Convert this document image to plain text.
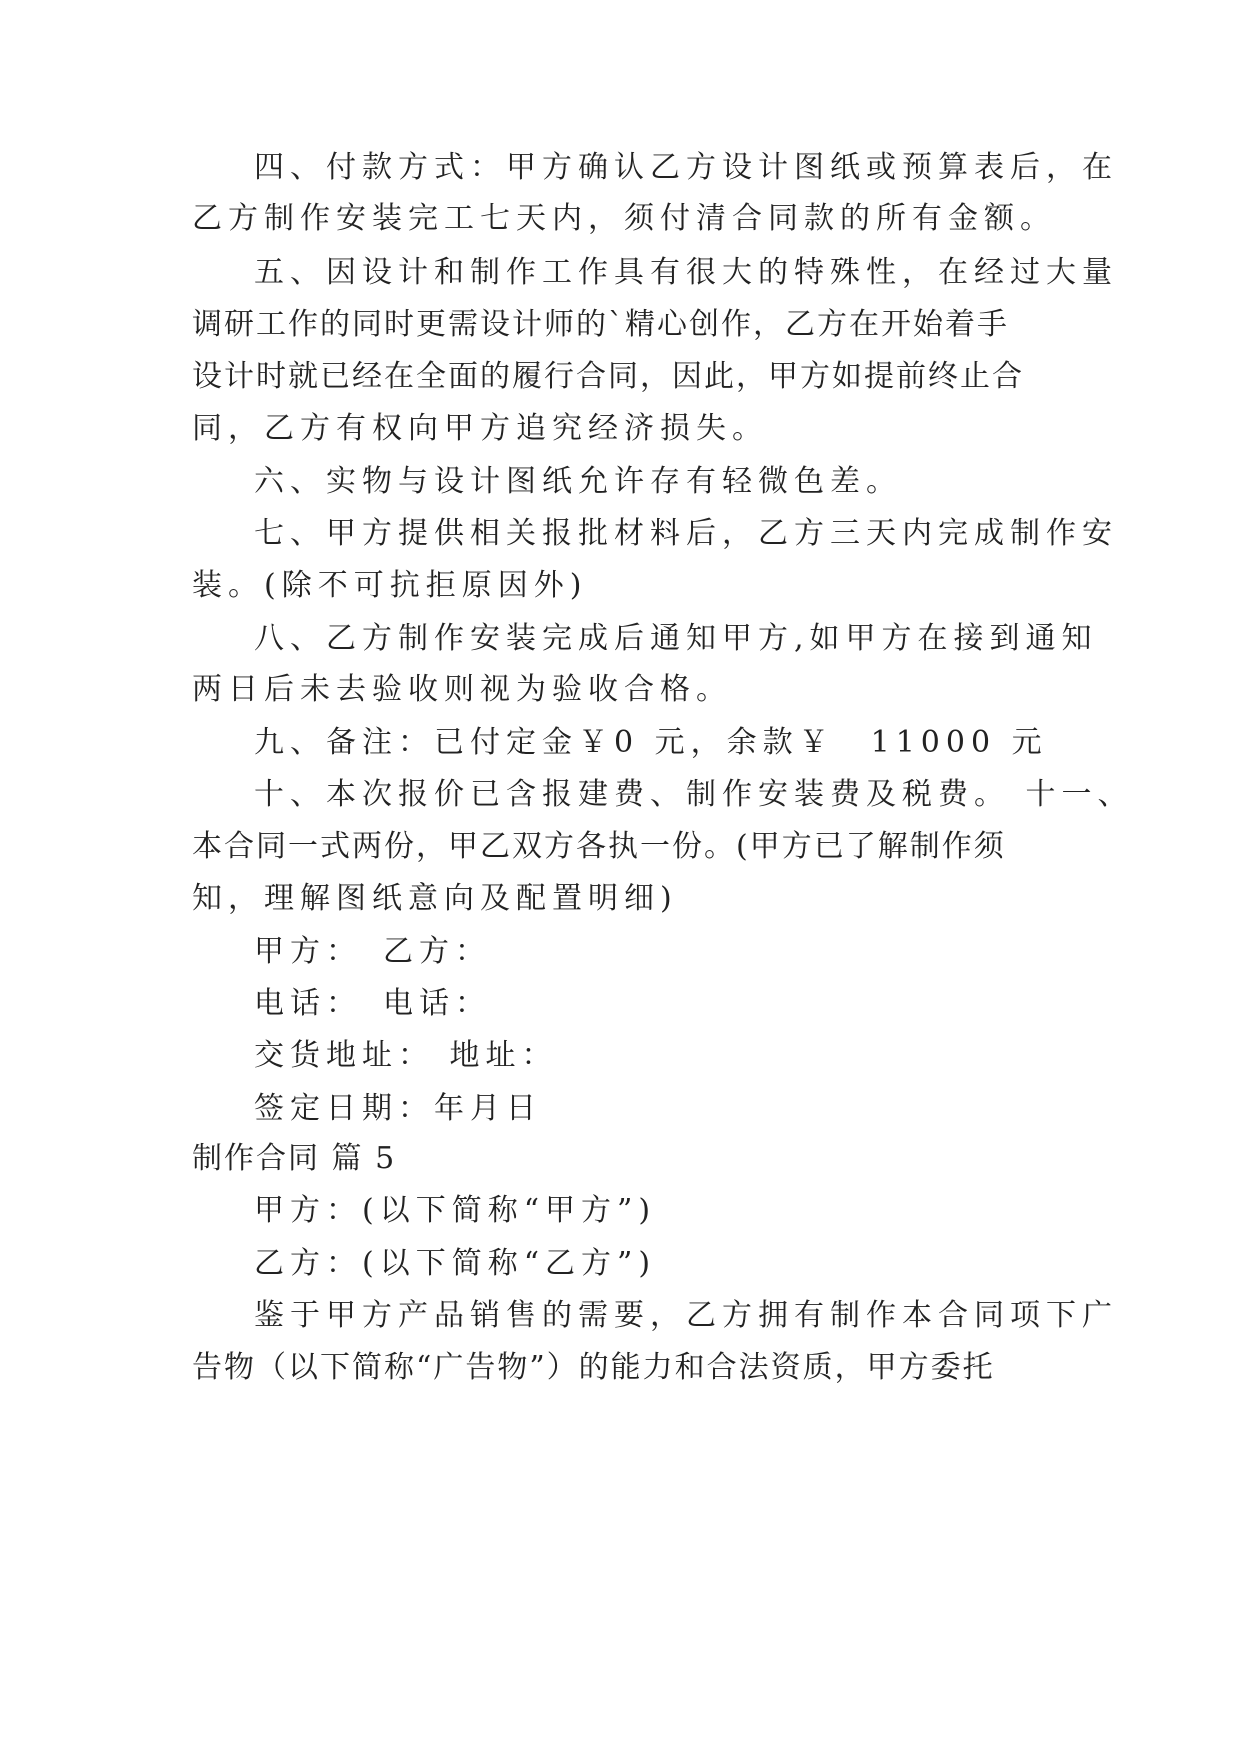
四、付款方式：甲方确认乙方设计图纸或预算表后，在
乙方制作安装完工七天内，须付清合同款的所有金额。
五、因设计和制作工作具有很大的特殊性，在经过大量
调研工作的同时更需设计师的`精心创作，乙方在开始着手
设计时就已经在全面的履行合同，因此，甲方如提前终止合
同，乙方有权向甲方追究经济损失。
六、实物与设计图纸允许存有轻微色差。
七、甲方提供相关报批材料后，乙方三天内完成制作安
装。(除不可抗拒原因外)
八、乙方制作安装完成后通知甲方,如甲方在接到通知
两日后未去验收则视为验收合格。
九、备注：已付定金￥0 元，余款￥　11000 元
十、本次报价已含报建费、制作安装费及税费。 十一、
本合同一式两份，甲乙双方各执一份。(甲方已了解制作须
知，理解图纸意向及配置明细)
甲方：　乙方：
电话：　电话：
交货地址： 地址：
签定日期：年月日
制作合同 篇 5
甲方：(以下简称“甲方”)
乙方：(以下简称“乙方”)
鉴于甲方产品销售的需要，乙方拥有制作本合同项下广
告物（以下简称“广告物”）的能力和合法资质，甲方委托
